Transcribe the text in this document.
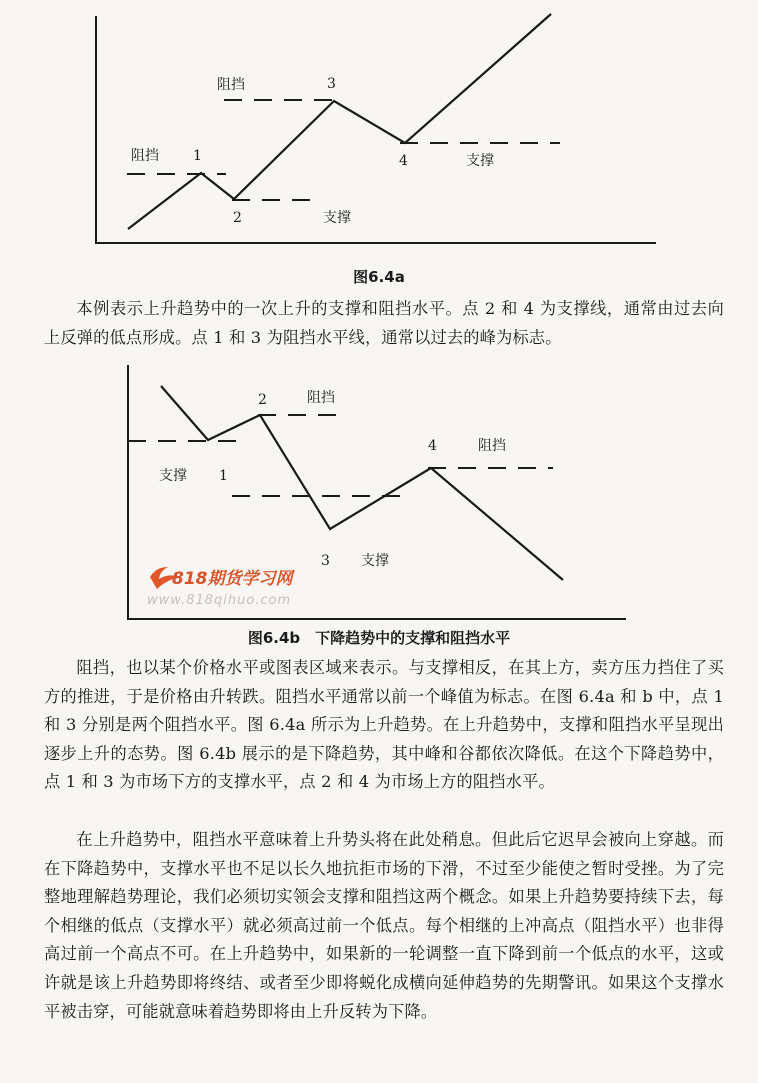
阻挡 1
阻挡	3
2	支撑
4	支撑
图6.4a

本例表示上升趋势中的一次上升的支撑和阻挡水平。点 2 和 4 为支撑线，通常由过去向上反弹的低点形成。点 1 和 3 为阻挡水平线，通常以过去的峰为标志。

2	阻挡
支撑 1
4	阻挡
3 支撑
818期货学习网
www.818qihuo.com
图6.4b　下降趋势中的支撑和阻挡水平

阻挡，也以某个价格水平或图表区域来表示。与支撑相反，在其上方，卖方压力挡住了买方的推进，于是价格由升转跌。阻挡水平通常以前一个峰值为标志。在图 6.4a 和 b 中，点 1 和 3 分别是两个阻挡水平。图 6.4a 所示为上升趋势。在上升趋势中，支撑和阻挡水平呈现出逐步上升的态势。图 6.4b 展示的是下降趋势，其中峰和谷都依次降低。在这个下降趋势中，点 1 和 3 为市场下方的支撑水平，点 2 和 4 为市场上方的阻挡水平。

在上升趋势中，阻挡水平意味着上升势头将在此处稍息。但此后它迟早会被向上穿越。而在下降趋势中，支撑水平也不足以长久地抗拒市场的下滑，不过至少能使之暂时受挫。为了完整地理解趋势理论，我们必须切实领会支撑和阻挡这两个概念。如果上升趋势要持续下去，每个相继的低点（支撑水平）就必须高过前一个低点。每个相继的上冲高点（阻挡水平）也非得高过前一个高点不可。在上升趋势中，如果新的一轮调整一直下降到前一个低点的水平，这或许就是该上升趋势即将终结、或者至少即将蜕化成横向延伸趋势的先期警讯。如果这个支撑水平被击穿，可能就意味着趋势即将由上升反转为下降。
